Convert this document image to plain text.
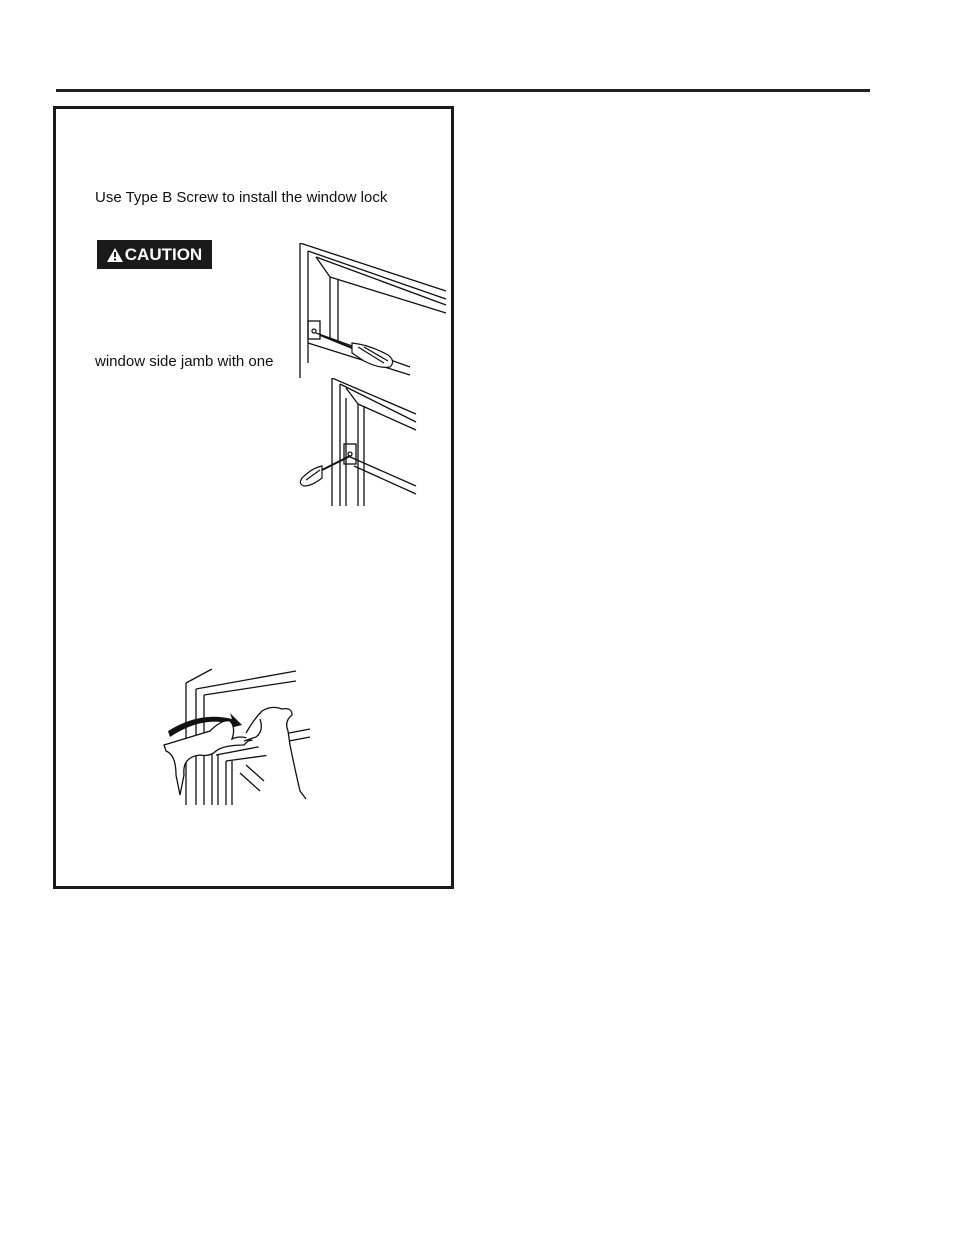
Use Type B Screw to install the window lock
CAUTION
window side jamb with one
